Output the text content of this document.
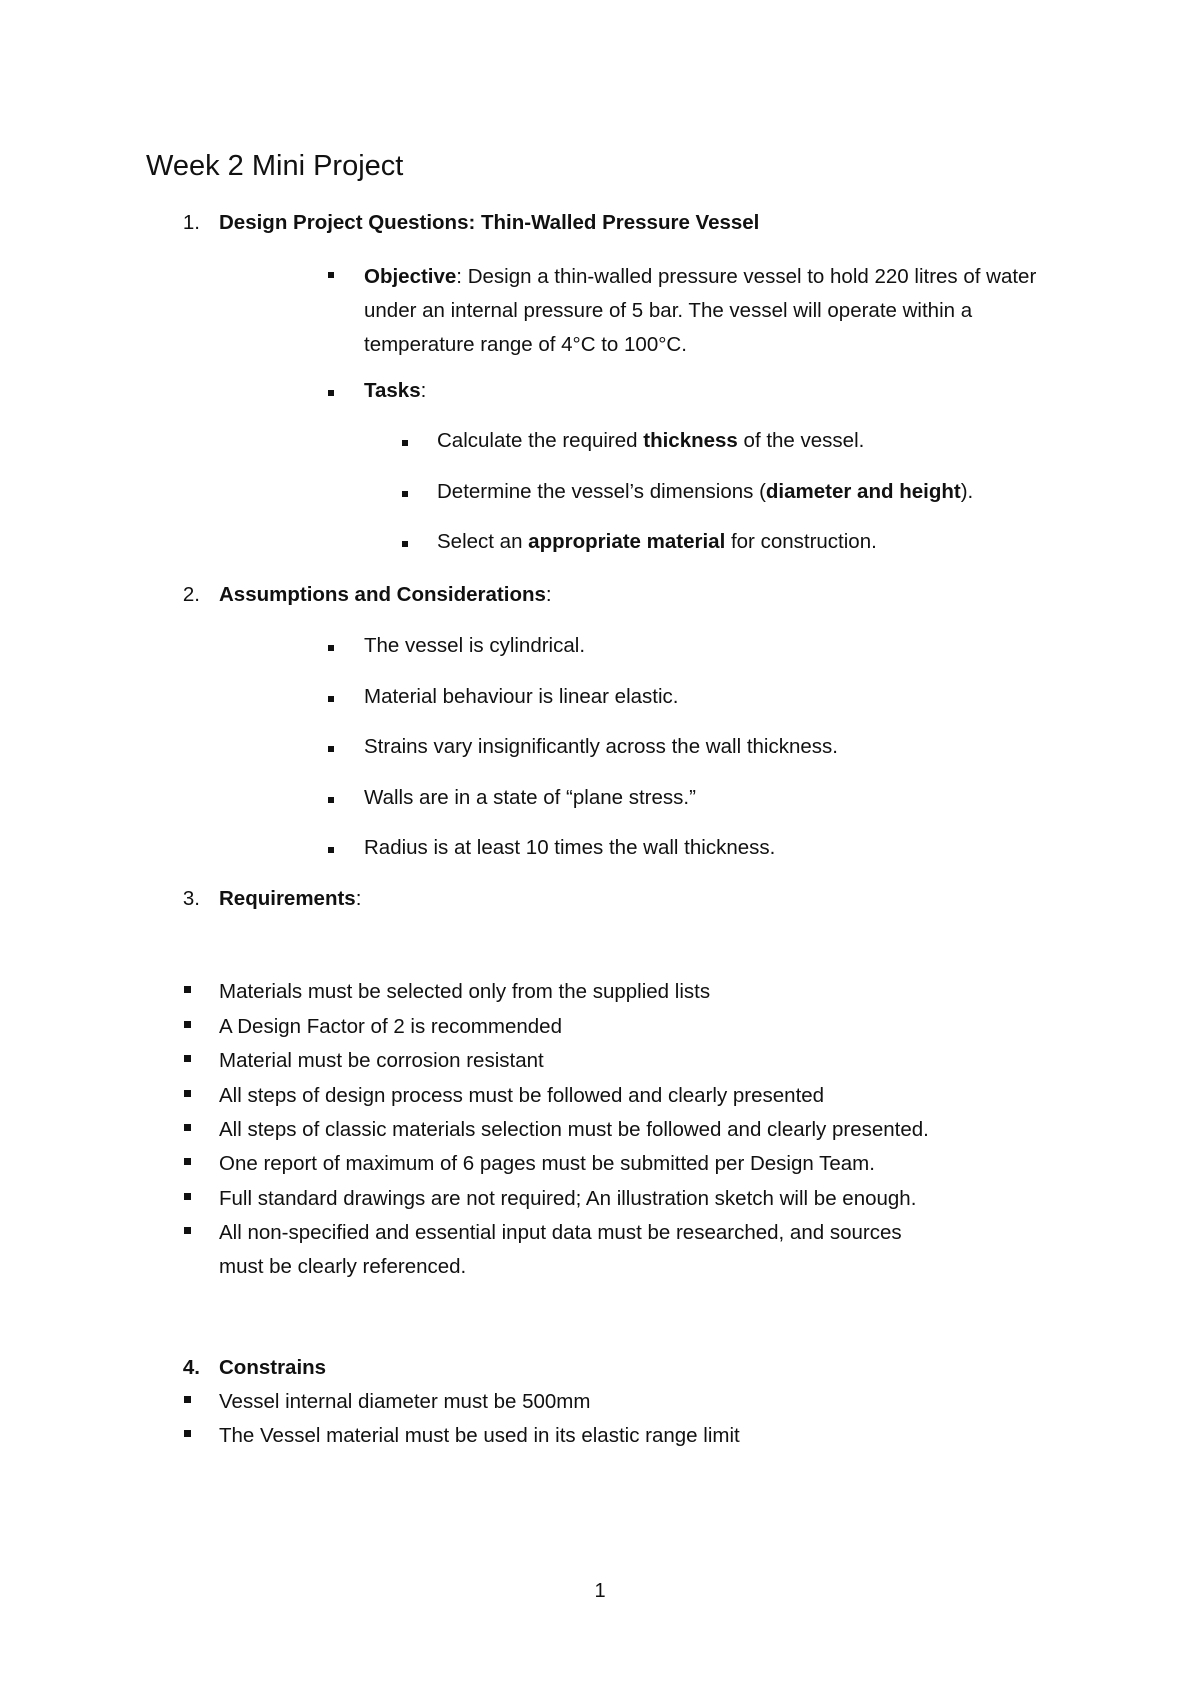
Week 2 Mini Project
1. Design Project Questions: Thin-Walled Pressure Vessel
Objective: Design a thin-walled pressure vessel to hold 220 litres of water under an internal pressure of 5 bar. The vessel will operate within a temperature range of 4°C to 100°C.
Tasks:
Calculate the required thickness of the vessel.
Determine the vessel’s dimensions (diameter and height).
Select an appropriate material for construction.
2. Assumptions and Considerations:
The vessel is cylindrical.
Material behaviour is linear elastic.
Strains vary insignificantly across the wall thickness.
Walls are in a state of “plane stress.”
Radius is at least 10 times the wall thickness.
3. Requirements:
Materials must be selected only from the supplied lists
A Design Factor of 2 is recommended
Material must be corrosion resistant
All steps of design process must be followed and clearly presented
All steps of classic materials selection must be followed and clearly presented.
One report of maximum of 6 pages must be submitted per Design Team.
Full standard drawings are not required; An illustration sketch will be enough.
All non-specified and essential input data must be researched, and sources
must be clearly referenced.
4. Constrains
Vessel internal diameter must be 500mm
The Vessel material must be used in its elastic range limit
1
